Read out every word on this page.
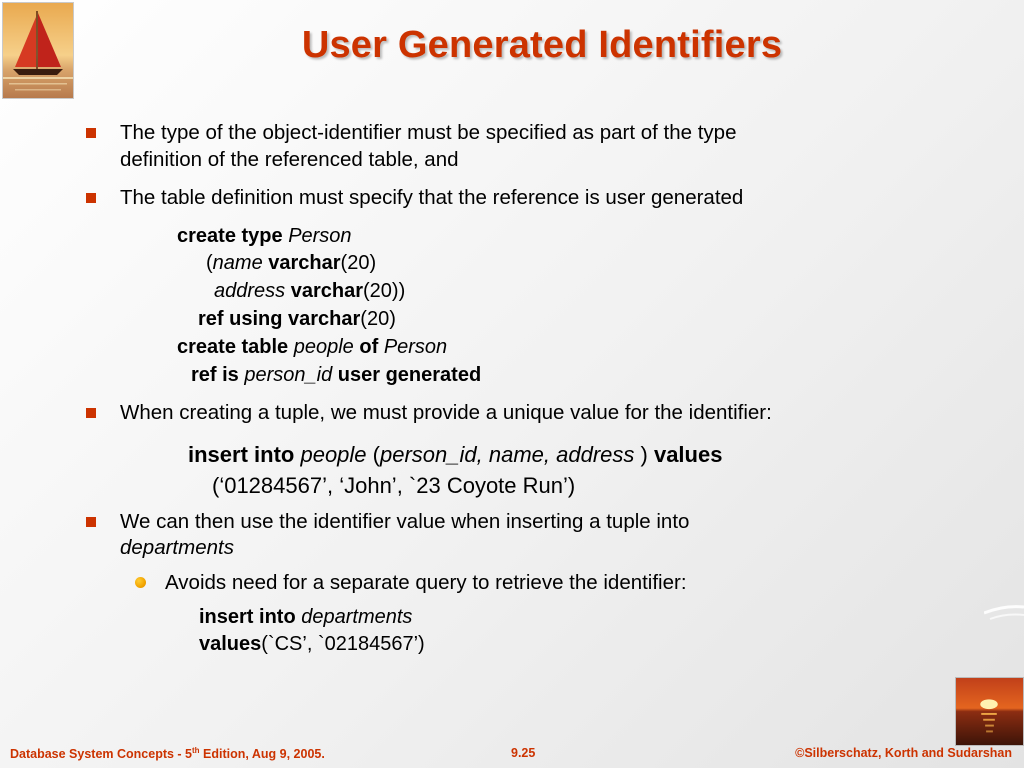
User Generated Identifiers
The type of the object-identifier must be specified as part of the type
definition of the referenced table, and
The table definition must specify that the reference is user generated
create type Person
(name varchar(20)
address varchar(20))
ref using varchar(20)
create table people of Person
ref is person_id user generated
When creating a tuple, we must provide a unique value for the identifier:
insert into people (person_id, name, address ) values
(‘01284567’, ‘John’, `23 Coyote Run’)
We can then use the identifier value when inserting a tuple into
departments
Avoids need for a separate query to retrieve the identifier:
insert into departments
values(`CS’, `02184567’)
Database System Concepts - 5th Edition, Aug 9, 2005.	9.25	©Silberschatz, Korth and Sudarshan
